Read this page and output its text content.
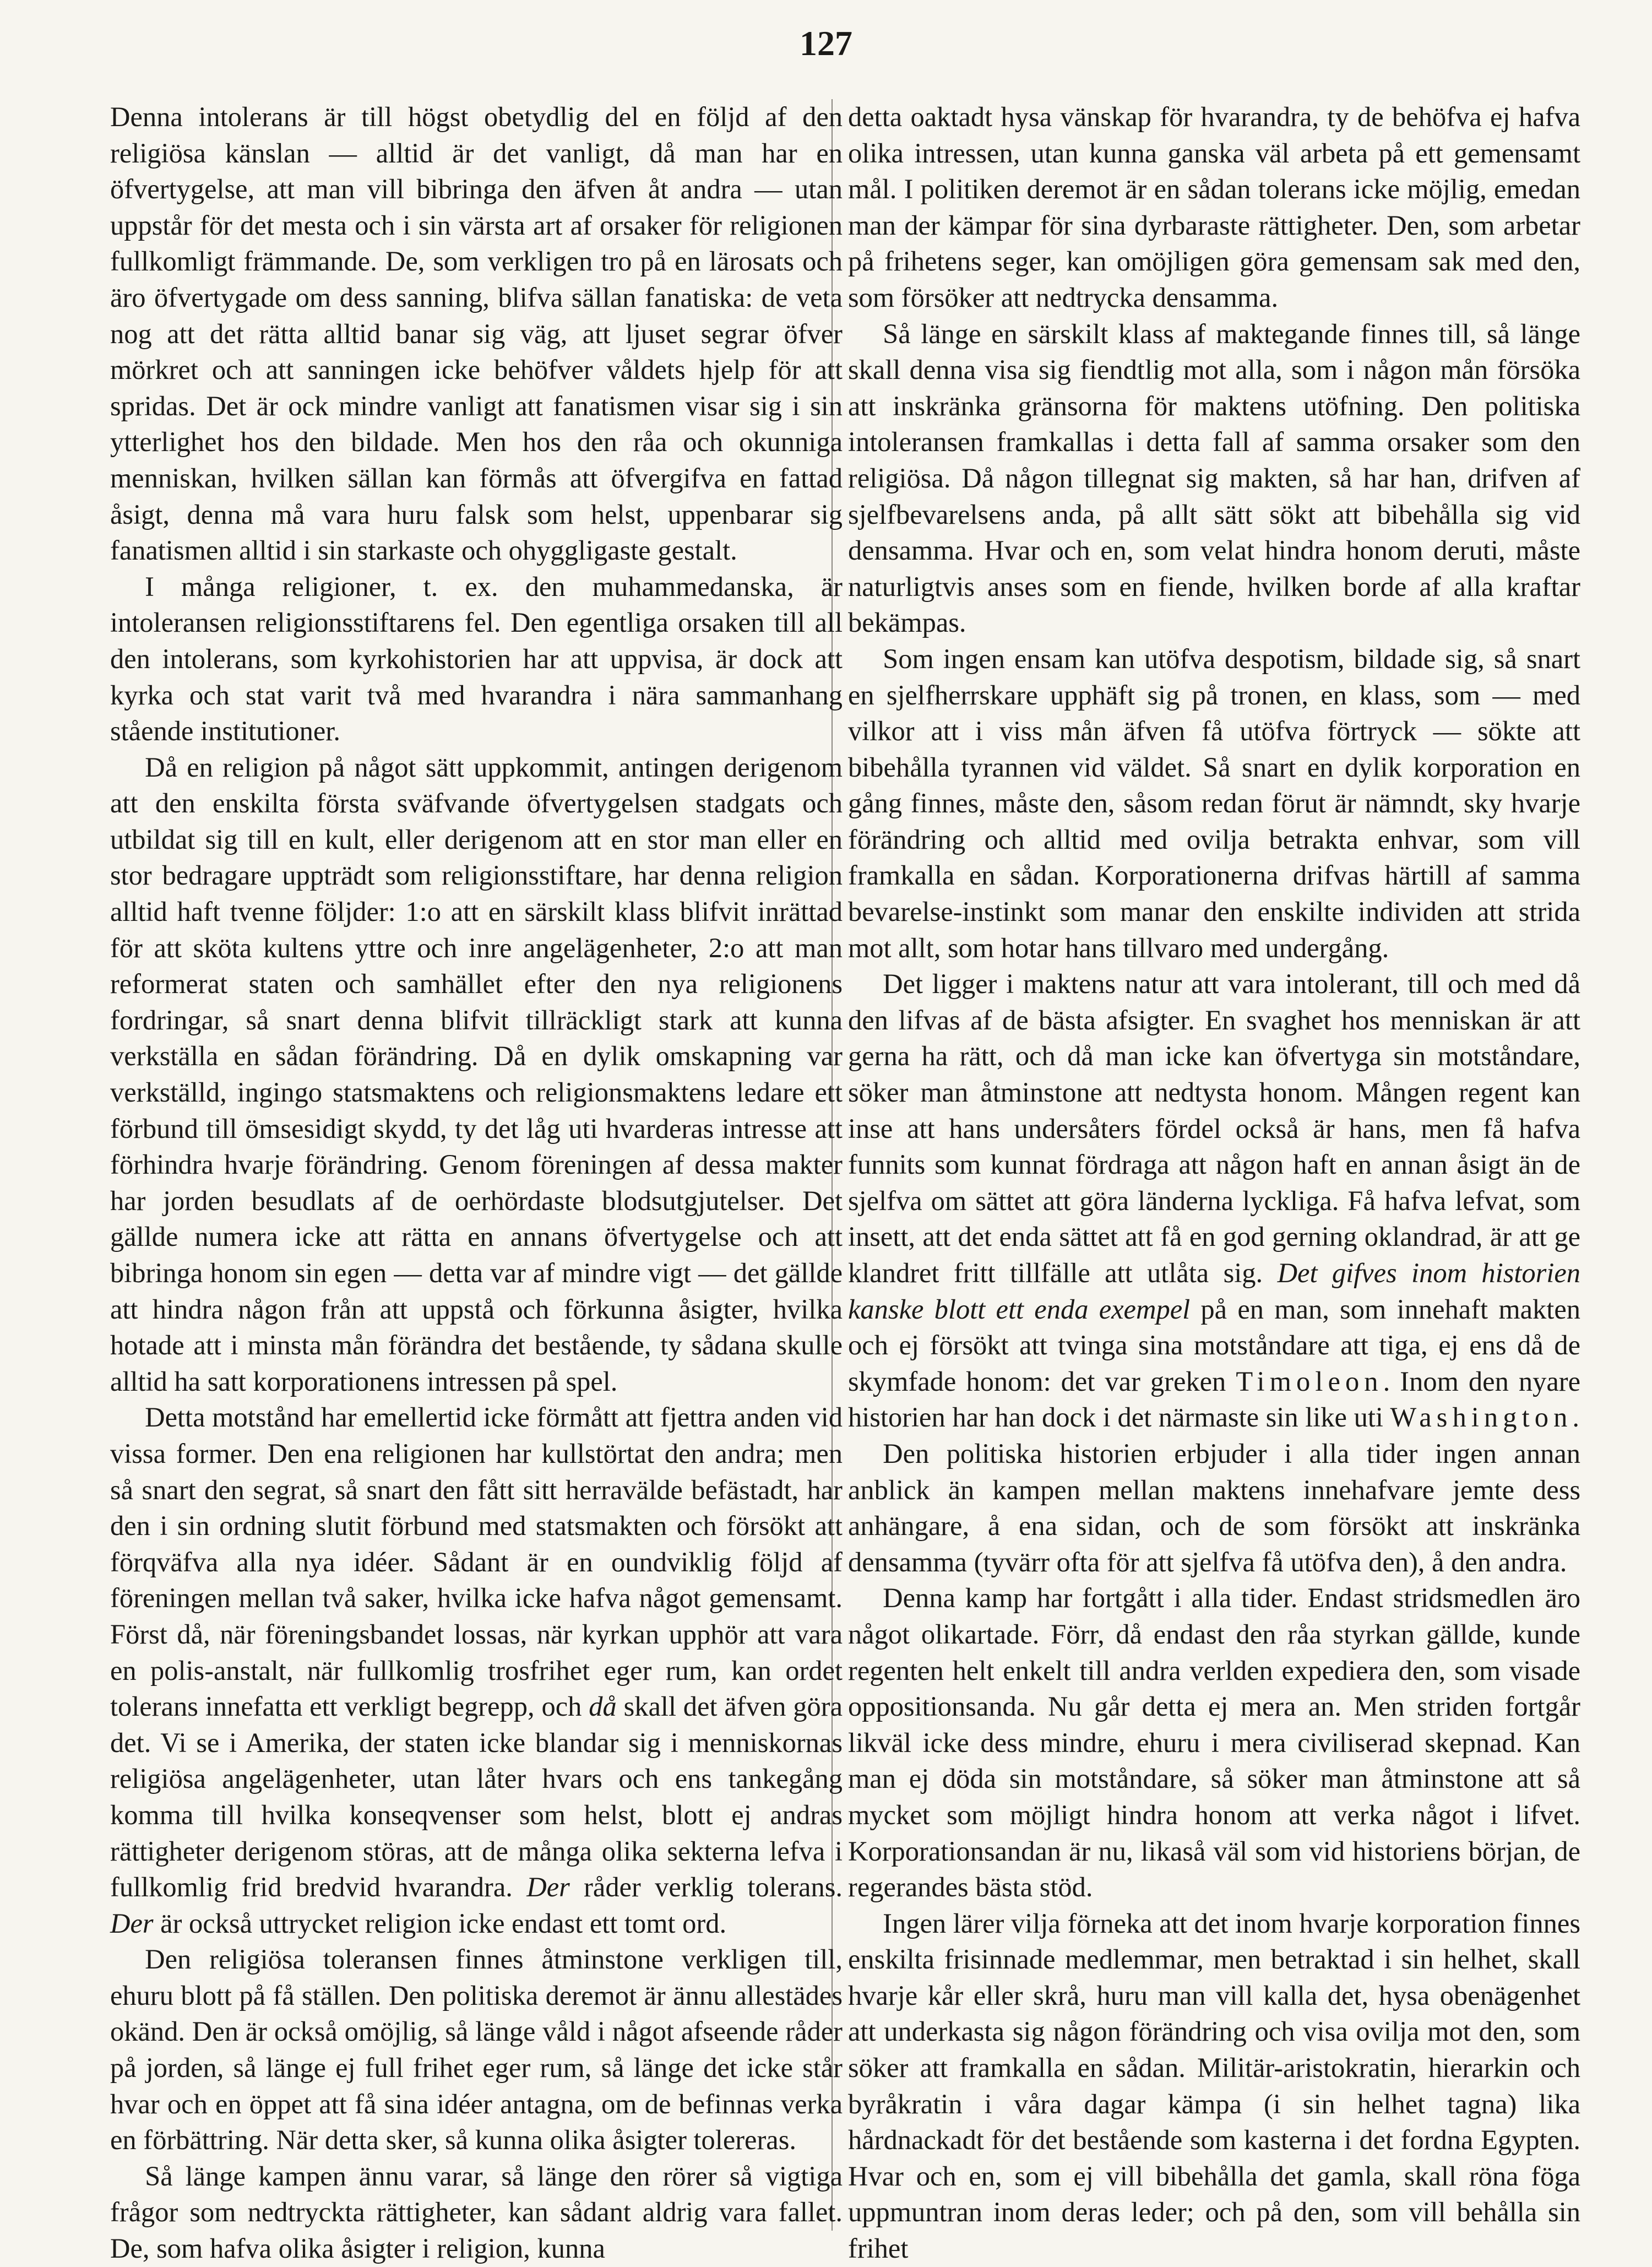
127

Denna intolerans är till högst obetydlig del en följd af den religiösa känslan — alltid är det vanligt, då man har en öfvertygelse, att man vill bibringa den äfven åt andra — utan uppstår för det mesta och i sin värsta art af orsaker för religionen fullkomligt främmande. De, som verkligen tro på en lärosats och äro öfvertygade om dess sanning, blifva sällan fanatiska: de veta nog att det rätta alltid banar sig väg, att ljuset segrar öfver mörkret och att sanningen icke behöfver våldets hjelp för att spridas. Det är ock mindre vanligt att fanatismen visar sig i sin ytterlighet hos den bildade. Men hos den råa och okunniga menniskan, hvilken sällan kan förmås att öfvergifva en fattad åsigt, denna må vara huru falsk som helst, uppenbarar sig fanatismen alltid i sin starkaste och ohyggligaste gestalt.

I många religioner, t. ex. den muhammedanska, är intoleransen religionsstiftarens fel. Den egentliga orsaken till all den intolerans, som kyrkohistorien har att uppvisa, är dock att kyrka och stat varit två med hvarandra i nära sammanhang stående institutioner.

Då en religion på något sätt uppkommit, antingen derigenom att den enskilta första sväfvande öfvertygelsen stadgats och utbildat sig till en kult, eller derigenom att en stor man eller en stor bedragare uppträdt som religionsstiftare, har denna religion alltid haft tvenne följder: 1:o att en särskilt klass blifvit inrättad för att sköta kultens yttre och inre angelägenheter, 2:o att man reformerat staten och samhället efter den nya religionens fordringar, så snart denna blifvit tillräckligt stark att kunna verkställa en sådan förändring. Då en dylik omskapning var verkställd, ingingo statsmaktens och religionsmaktens ledare ett förbund till ömsesidigt skydd, ty det låg uti hvarderas intresse att förhindra hvarje förändring. Genom föreningen af dessa makter har jorden besudlats af de oerhördaste blodsutgjutelser. Det gällde numera icke att rätta en annans öfvertygelse och att bibringa honom sin egen — detta var af mindre vigt — det gällde att hindra någon från att uppstå och förkunna åsigter, hvilka hotade att i minsta mån förändra det bestående, ty sådana skulle alltid ha satt korporationens intressen på spel.

Detta motstånd har emellertid icke förmått att fjettra anden vid vissa former. Den ena religionen har kullstörtat den andra; men så snart den segrat, så snart den fått sitt herravälde befästadt, har den i sin ordning slutit förbund med statsmakten och försökt att förqväfva alla nya idéer. Sådant är en oundviklig följd af föreningen mellan två saker, hvilka icke hafva något gemensamt. Först då, när föreningsbandet lossas, när kyrkan upphör att vara en polis-anstalt, när fullkomlig trosfrihet eger rum, kan ordet tolerans innefatta ett verkligt begrepp, och då skall det äfven göra det. Vi se i Amerika, der staten icke blandar sig i menniskornas religiösa angelägenheter, utan låter hvars och ens tankegång komma till hvilka konseqvenser som helst, blott ej andras rättigheter derigenom störas, att de många olika sekterna lefva i fullkomlig frid bredvid hvarandra. Der råder verklig tolerans. Der är också uttrycket religion icke endast ett tomt ord.

Den religiösa toleransen finnes åtminstone verkligen till, ehuru blott på få ställen. Den politiska deremot är ännu allestädes okänd. Den är också omöjlig, så länge våld i något afseende råder på jorden, så länge ej full frihet eger rum, så länge det icke står hvar och en öppet att få sina idéer antagna, om de befinnas verka en förbättring. När detta sker, så kunna olika åsigter tolereras.

Så länge kampen ännu varar, så länge den rörer så vigtiga frågor som nedtryckta rättigheter, kan sådant aldrig vara fallet. De, som hafva olika åsigter i religion, kunna

detta oaktadt hysa vänskap för hvarandra, ty de behöfva ej hafva olika intressen, utan kunna ganska väl arbeta på ett gemensamt mål. I politiken deremot är en sådan tolerans icke möjlig, emedan man der kämpar för sina dyrbaraste rättigheter. Den, som arbetar på frihetens seger, kan omöjligen göra gemensam sak med den, som försöker att nedtrycka densamma.

Så länge en särskilt klass af maktegande finnes till, så länge skall denna visa sig fiendtlig mot alla, som i någon mån försöka att inskränka gränsorna för maktens utöfning. Den politiska intoleransen framkallas i detta fall af samma orsaker som den religiösa. Då någon tillegnat sig makten, så har han, drifven af sjelfbevarelsens anda, på allt sätt sökt att bibehålla sig vid densamma. Hvar och en, som velat hindra honom deruti, måste naturligtvis anses som en fiende, hvilken borde af alla kraftar bekämpas.

Som ingen ensam kan utöfva despotism, bildade sig, så snart en sjelfherrskare upphäft sig på tronen, en klass, som — med vilkor att i viss mån äfven få utöfva förtryck — sökte att bibehålla tyrannen vid väldet. Så snart en dylik korporation en gång finnes, måste den, såsom redan förut är nämndt, sky hvarje förändring och alltid med ovilja betrakta enhvar, som vill framkalla en sådan. Korporationerna drifvas härtill af samma bevarelse-instinkt som manar den enskilte individen att strida mot allt, som hotar hans tillvaro med undergång.

Det ligger i maktens natur att vara intolerant, till och med då den lifvas af de bästa afsigter. En svaghet hos menniskan är att gerna ha rätt, och då man icke kan öfvertyga sin motståndare, söker man åtminstone att nedtysta honom. Mången regent kan inse att hans undersåters fördel också är hans, men få hafva funnits som kunnat fördraga att någon haft en annan åsigt än de sjelfva om sättet att göra länderna lyckliga. Få hafva lefvat, som insett, att det enda sättet att få en god gerning oklandrad, är att ge klandret fritt tillfälle att utlåta sig. Det gifves inom historien kanske blott ett enda exempel på en man, som innehaft makten och ej försökt att tvinga sina motståndare att tiga, ej ens då de skymfade honom: det var greken Timoleon. Inom den nyare historien har han dock i det närmaste sin like uti Washington.

Den politiska historien erbjuder i alla tider ingen annan anblick än kampen mellan maktens innehafvare jemte dess anhängare, å ena sidan, och de som försökt att inskränka densamma (tyvärr ofta för att sjelfva få utöfva den), å den andra.

Denna kamp har fortgått i alla tider. Endast stridsmedlen äro något olikartade. Förr, då endast den råa styrkan gällde, kunde regenten helt enkelt till andra verlden expediera den, som visade oppositionsanda. Nu går detta ej mera an. Men striden fortgår likväl icke dess mindre, ehuru i mera civiliserad skepnad. Kan man ej döda sin motståndare, så söker man åtminstone att så mycket som möjligt hindra honom att verka något i lifvet. Korporationsandan är nu, likaså väl som vid historiens början, de regerandes bästa stöd.

Ingen lärer vilja förneka att det inom hvarje korporation finnes enskilta frisinnade medlemmar, men betraktad i sin helhet, skall hvarje kår eller skrå, huru man vill kalla det, hysa obenägenhet att underkasta sig någon förändring och visa ovilja mot den, som söker att framkalla en sådan. Militär-aristokratin, hierarkin och byråkratin i våra dagar kämpa (i sin helhet tagna) lika hårdnackadt för det bestående som kasterna i det fordna Egypten. Hvar och en, som ej vill bibehålla det gamla, skall röna föga uppmuntran inom deras leder; och på den, som vill behålla sin frihet
